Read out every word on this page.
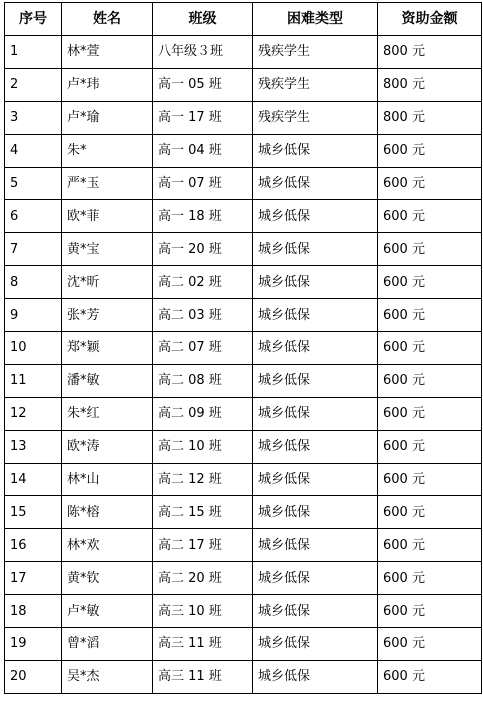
序号	姓名	班级	困难类型	资助金额
1	林*萱	八年级３班	残疾学生	800 元
2	卢*玮	高一 05 班	残疾学生	800 元
3	卢*瑜	高一 17 班	残疾学生	800 元
4	朱*	高一 04 班	城乡低保	600 元
5	严*玉	高一 07 班	城乡低保	600 元
6	欧*菲	高一 18 班	城乡低保	600 元
7	黄*宝	高一 20 班	城乡低保	600 元
8	沈*昕	高二 02 班	城乡低保	600 元
9	张*芳	高二 03 班	城乡低保	600 元
10	郑*颖	高二 07 班	城乡低保	600 元
11	潘*敏	高二 08 班	城乡低保	600 元
12	朱*红	高二 09 班	城乡低保	600 元
13	欧*涛	高二 10 班	城乡低保	600 元
14	林*山	高二 12 班	城乡低保	600 元
15	陈*榕	高二 15 班	城乡低保	600 元
16	林*欢	高二 17 班	城乡低保	600 元
17	黄*钦	高二 20 班	城乡低保	600 元
18	卢*敏	高三 10 班	城乡低保	600 元
19	曾*滔	高三 11 班	城乡低保	600 元
20	吴*杰	高三 11 班	城乡低保	600 元
